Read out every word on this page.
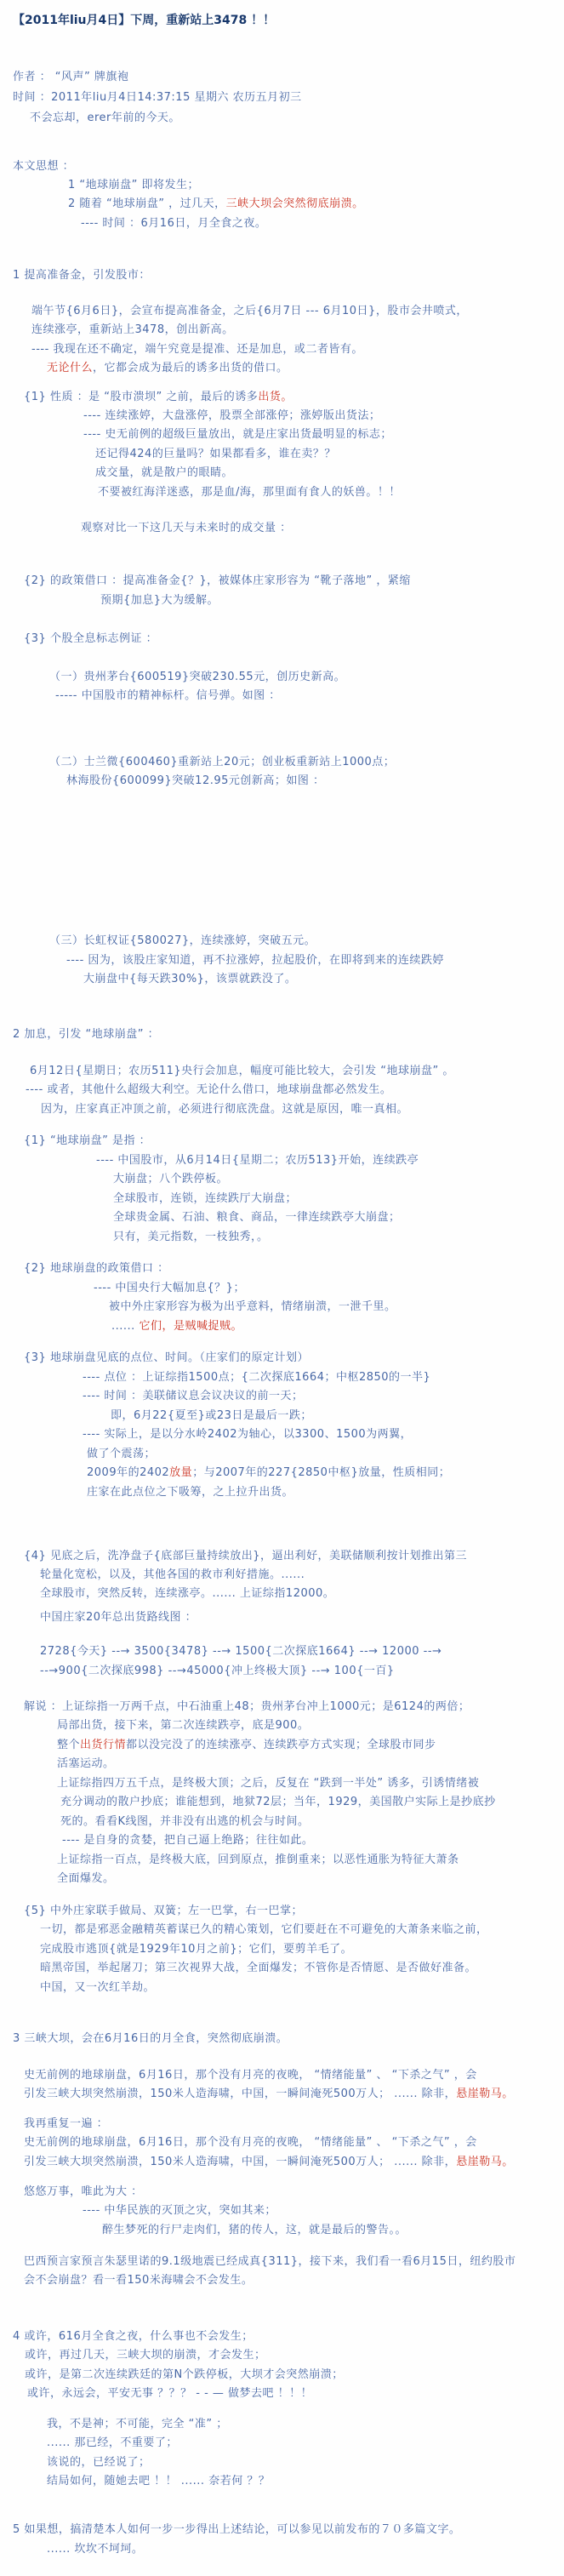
【2011年liu月4日】下周，重新站上3478 ！！
作者 ： “风声” 牌旗袍
时间 ：2011年liu月4日14:37:15 星期六 农历五月初三
不会忘却，erer年前的今天。
本文思想 ：
1 “地球崩盘” 即将发生；
2 随着 “地球崩盘” ，过几天，三峡大坝会突然彻底崩溃。
---- 时间 ：6月16日，月全食之夜。
1 提高准备金，引发股市：
端午节{6月6日}，会宣布提高准备金，之后{6月7日 --- 6月10日}，股市会井喷式，
连续涨亭，重新站上3478，创出新高。
---- 我现在还不确定，端午究竟是提准、还是加息，或二者皆有。
无论什么，它都会成为最后的诱多出货的借口。
{1} 性质 ：是 “股市溃坝” 之前，最后的诱多出货。
---- 连续涨婷，大盘涨停，股票全部涨停；涨婷版出货法；
---- 史无前例的超级巨量放出，就是庄家出货最明显的标志；
还记得424的巨量吗？如果都看多，谁在卖？？
成交量，就是散户的眼睛。
不要被红海洋迷惑，那是血/海，那里面有食人的妖兽。！！
观察对比一下这几天与未来时的成交量 ：
{2} 的政策借口 ：提高准备金{？}，被媒体庄家形容为 “靴子落地” ，紧缩
预期{加息}大为缓解。
{3} 个股全息标志例证 ：
（一）贵州茅台{600519}突破230.55元，创历史新高。
----- 中国股市的精神标杆。信号弹。如图 ：
（二）士兰微{600460}重新站上20元；创业板重新站上1000点；
林海股份{600099}突破12.95元创新高；如图 ：
（三）长虹权证{580027}，连续涨婷，突破五元。
---- 因为，该股庄家知道，再不拉涨婷，拉起股价，在即将到来的连续跌婷
大崩盘中{每天跌30%}，该票就跌没了。
2 加息，引发 “地球崩盘” ：
6月12日{星期日；农历511}央行会加息，幅度可能比较大，会引发 “地球崩盘” 。
---- 或者，其他什么超级大利空。无论什么借口，地球崩盘都必然发生。
因为，庄家真正冲顶之前，必须进行彻底洗盘。这就是原因，唯一真相。
{1} “地球崩盘” 是指 ：
---- 中国股市，从6月14日{星期二；农历513}开始，连续跌亭
大崩盘；八个跌停板。
全球股市，连锁，连续跌厅大崩盘；
全球贵金属、石油、粮食、商品，一律连续跌亭大崩盘；
只有，美元指数，一枝独秀，。
{2} 地球崩盘的政策借口 ：
---- 中国央行大幅加息{？}；
被中外庄家形容为极为出乎意料，情绪崩溃，一泄千里。
...... 它们，是贼喊捉贼。
{3} 地球崩盘见底的点位、时间。（庄家们的原定计划）
---- 点位 ：上证综指1500点；{二次探底1664；中枢2850的一半}
---- 时间 ：美联储议息会议决议的前一天；
即，6月22{夏至}或23日是最后一跌；
---- 实际上，是以分水岭2402为轴心，以3300、1500为两翼，
做了个震荡；
2009年的2402放量；与2007年的227{2850中枢}放量，性质相同；
庄家在此点位之下吸筹，之上拉升出货。
{4} 见底之后，洗净盘子{底部巨量持续放出}，逼出利好，美联储顺利按计划推出第三
轮量化宽松，以及，其他各国的救市利好措施。......
全球股市，突然反转，连续涨亭。...... 上证综指12000。
中国庄家20年总出货路线图 ：
2728{今天} --→ 3500{3478} --→ 1500{二次探底1664} --→ 12000 --→
--→900{二次探底998} --→45000{冲上终极大顶} --→ 100{一百}
解说 ：上证综指一万两千点，中石油重上48；贵州茅台冲上1000元；是6124的两倍；
局部出货，接下来，第二次连续跌亭，底是900。
整个出货行情都以没完没了的连续涨亭、连续跌亭方式实现；全球股市同步
活塞运动。
上证综指四万五千点，是终极大顶；之后，反复在 “跌到一半处” 诱多，引诱情绪被
充分调动的散户抄底；谁能想到，地狱72层；当年，1929，美国散户实际上是抄底抄
死的。看看K线图，并非没有出逃的机会与时间。
---- 是自身的贪婪，把自己逼上绝路；往往如此。
上证综指一百点，是终极大底，回到原点，推倒重来；以恶性通胀为特征大萧条
全面爆发。
{5} 中外庄家联手做局、双簧；左一巴掌，右一巴掌；
一切，都是邪恶金融精英蓄谋已久的精心策划，它们要赶在不可避免的大萧条来临之前，
完成股市逃顶{就是1929年10月之前}；它们，要剪羊毛了。
暗黑帝国，举起屠刀；第三次视界大战，全面爆发；不管你是否情愿、是否做好准备。
中国，又一次红羊劫。
3 三峡大坝，会在6月16日的月全食，突然彻底崩溃。
史无前例的地球崩盘，6月16日，那个没有月亮的夜晚， “情绪能量” 、 “下杀之气” ，会
引发三峡大坝突然崩溃，150米人造海啸，中国，一瞬间淹死500万人； ...... 除非，悬崖勒马。
我再重复一遍 ：
史无前例的地球崩盘，6月16日，那个没有月亮的夜晚， “情绪能量” 、 “下杀之气” ，会
引发三峡大坝突然崩溃，150米人造海啸，中国，一瞬间淹死500万人； ...... 除非，悬崖勒马。
悠悠万事，唯此为大 ：
---- 中华民族的灭顶之灾，突如其来；
醉生梦死的行尸走肉们，猪的传人，这，就是最后的警告。。
巴西预言家预言朱瑟里诺的9.1级地震已经成真{311}，接下来，我们看一看6月15日，纽约股市
会不会崩盘？看一看150米海啸会不会发生。
4 或许，616月全食之夜，什么事也不会发生；
或许，再过几天，三峡大坝的崩溃，才会发生；
或许，是第二次连续跌廷的第N个跌停板，大坝才会突然崩溃；
或许，永远会，平安无事 ？？？ - - — 做梦去吧 ！！！
我，不是神；不可能，完全 “准” ；
...... 那已经，不重要了；
该说的，已经说了；
结局如何，随她去吧 ！！ ...... 奈若何 ？？
5 如果想，搞清楚本人如何一步一步得出上述结论，可以参见以前发布的７０多篇文字。
...... 坎坎不坷坷。
